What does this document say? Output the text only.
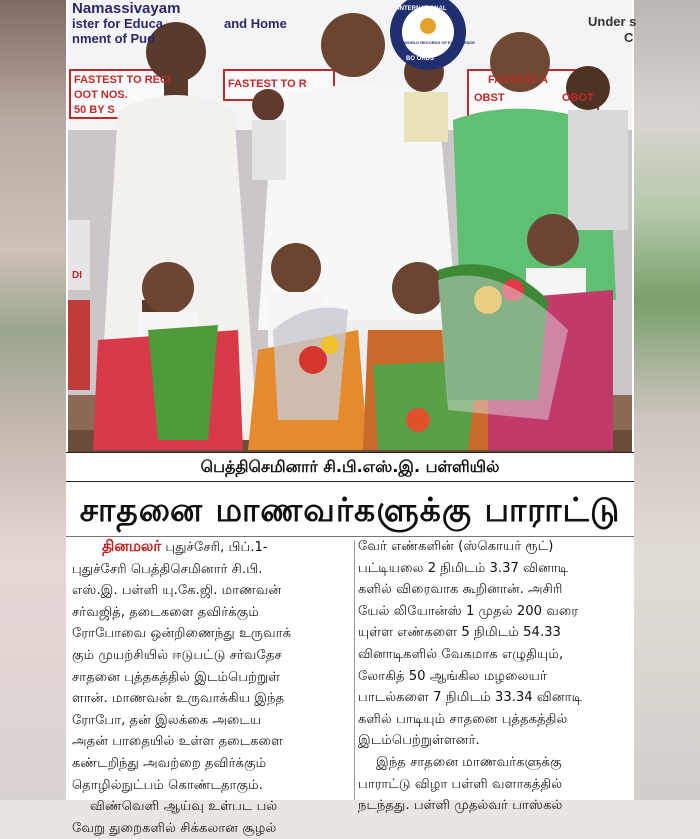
Namassivayam
ister for Educa	and Home
nment of Pud
Under s
C
FASTEST TO RECI
OOT NOS.
50 BY S
FASTEST TO R	FASTEST A
OBST	OBOT
DI
INTERNATIONAL
WORLD RECORDS OF EXCELLENCE
BO ORDS
பெத்திசெமினார் சி.பி.எஸ்.இ. பள்ளியில்
சாதனை மாணவர்களுக்கு பாராட்டு

தினமலர் புதுச்சேரி, பிப்.1-

புதுச்சேரி பெத்திசெமினார் சி.பி.

எஸ்.இ. பள்ளி யு.கே.ஜி. மாணவன்

சர்வஜித், தடைகளை தவிர்க்கும்

ரோபோவை ஒன்றிணைந்து உருவாக்

கும் முயற்சியில் ஈடுபட்டு சர்வதேச

சாதனை புத்தகத்தில் இடம்பெற்றுள்

ளான். மாணவன் உருவாக்கிய இந்த

ரோபோ, தன் இலக்கை அடைய

அதன் பாதையில் உள்ள தடைகளை

கண்டறிந்து அவற்றை தவிர்க்கும்

தொழில்நுட்பம் கொண்டதாகும்.

விண்வெளி ஆய்வு உள்பட பல்

வேறு துறைகளில் சிக்கலான சூழல்

வேர் எண்களின் (ஸ்கொயர் ரூட்)

பட்டியலை 2 நிமிடம் 3.37 வினாடி

களில் விரைவாக கூறினான். அசிரி

யேல் லியோன்ஸ் 1 முதல் 200 வரை

யுள்ள எண்களை 5 நிமிடம் 54.33

வினாடிகளில் வேகமாக எழுதியும்,

லோகித் 50 ஆங்கில மழலையர்

பாடல்களை 7 நிமிடம் 33.34 வினாடி

களில் பாடியும் சாதனை புத்தகத்தில்

இடம்பெற்றுள்ளனர்.

இந்த சாதனை மாணவர்களுக்கு

பாராட்டு விழா பள்ளி வளாகத்தில்

நடந்தது. பள்ளி முதல்வர் பாஸ்கல்
